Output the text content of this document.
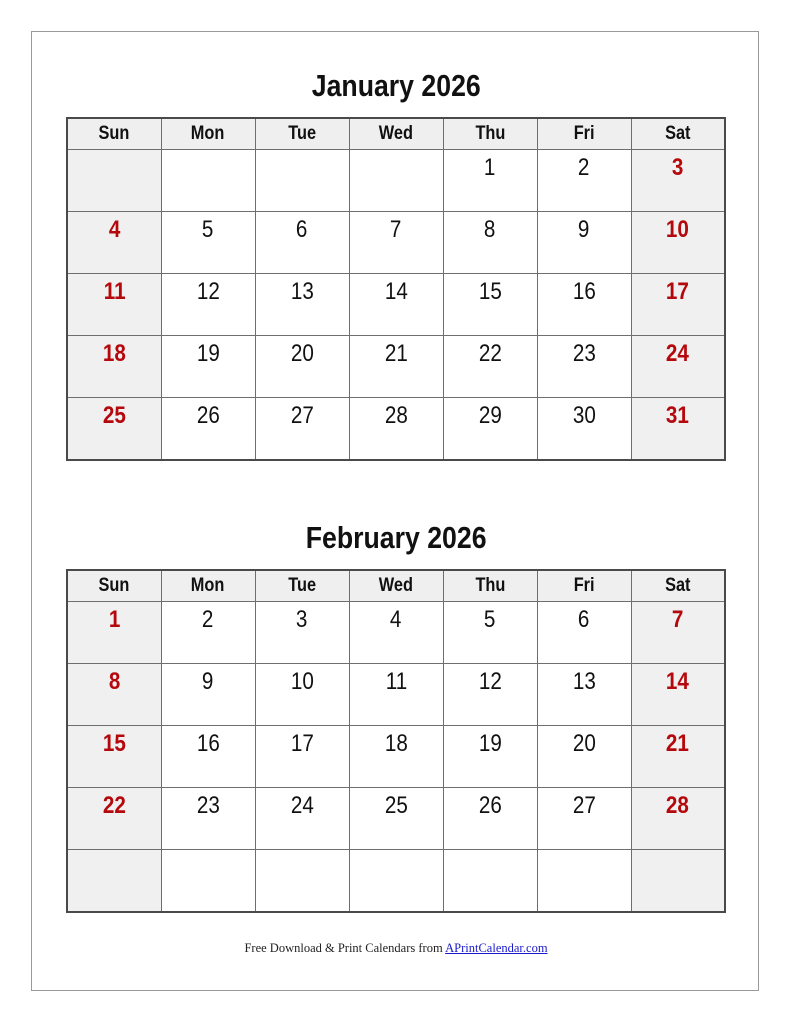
January 2026
Sun	Mon	Tue	Wed	Thu	Fri	Sat
				1	2	3
4	5	6	7	8	9	10
11	12	13	14	15	16	17
18	19	20	21	22	23	24
25	26	27	28	29	30	31
February 2026
Sun	Mon	Tue	Wed	Thu	Fri	Sat
1	2	3	4	5	6	7
8	9	10	11	12	13	14
15	16	17	18	19	20	21
22	23	24	25	26	27	28

Free Download & Print Calendars from APrintCalendar.com
